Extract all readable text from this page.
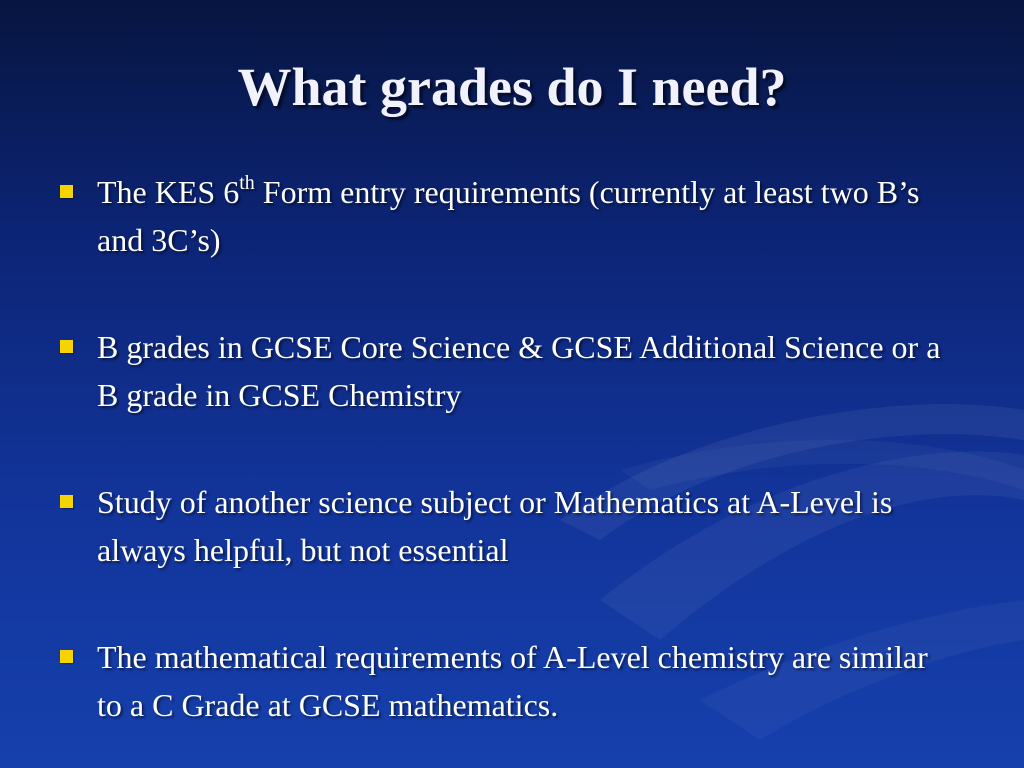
What grades do I need?
The KES 6th Form entry requirements (currently at least two B’s and 3C’s)
B grades in GCSE Core Science & GCSE Additional Science or a B grade in GCSE Chemistry
Study of another science subject or Mathematics at A-Level is always helpful, but not essential
The mathematical requirements of A-Level chemistry are similar to a C Grade at GCSE mathematics.
